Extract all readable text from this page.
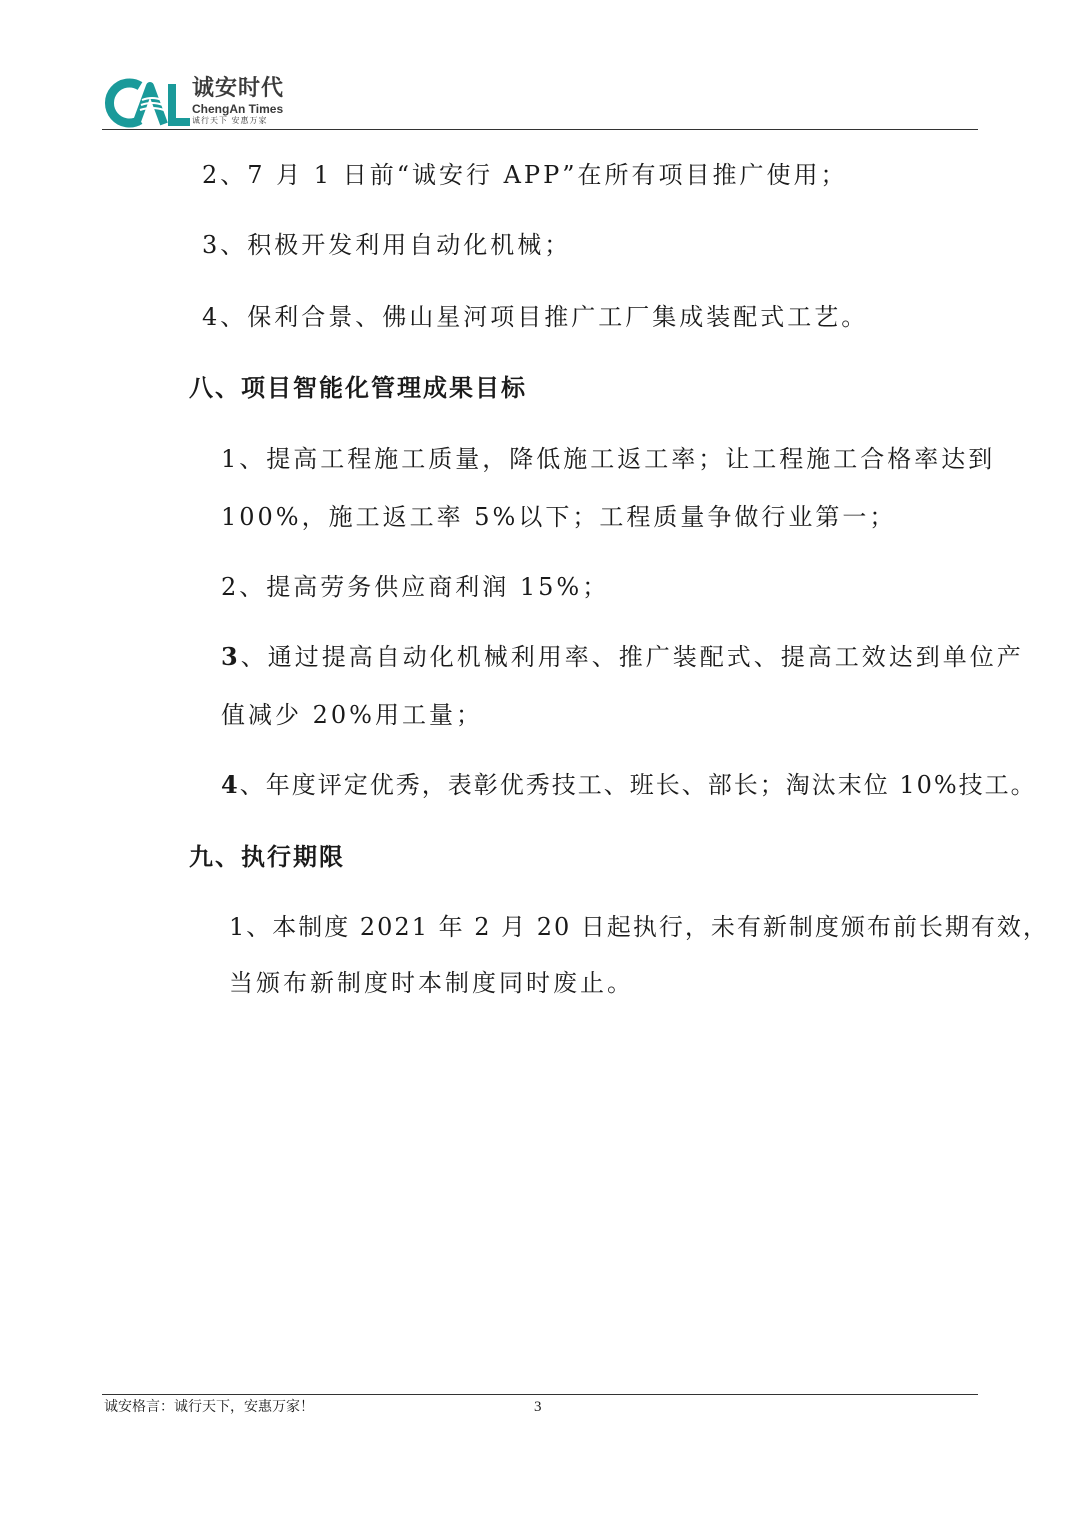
诚安时代
ChengAn Times
诚行天下 安惠万家
2、7 月 1 日前“诚安行 APP”在所有项目推广使用；
3、积极开发利用自动化机械；
4、保利合景、佛山星河项目推广工厂集成装配式工艺。
八、项目智能化管理成果目标
1、提高工程施工质量，降低施工返工率；让工程施工合格率达到
100%，施工返工率 5%以下；工程质量争做行业第一；
2、提高劳务供应商利润 15%；
3、通过提高自动化机械利用率、推广装配式、提高工效达到单位产
值减少 20%用工量；
4、年度评定优秀，表彰优秀技工、班长、部长；淘汰末位 10%技工。
九、执行期限
1、本制度 2021 年 2 月 20 日起执行，未有新制度颁布前长期有效，
当颁布新制度时本制度同时废止。
诚安格言：诚行天下，安惠万家！	3
